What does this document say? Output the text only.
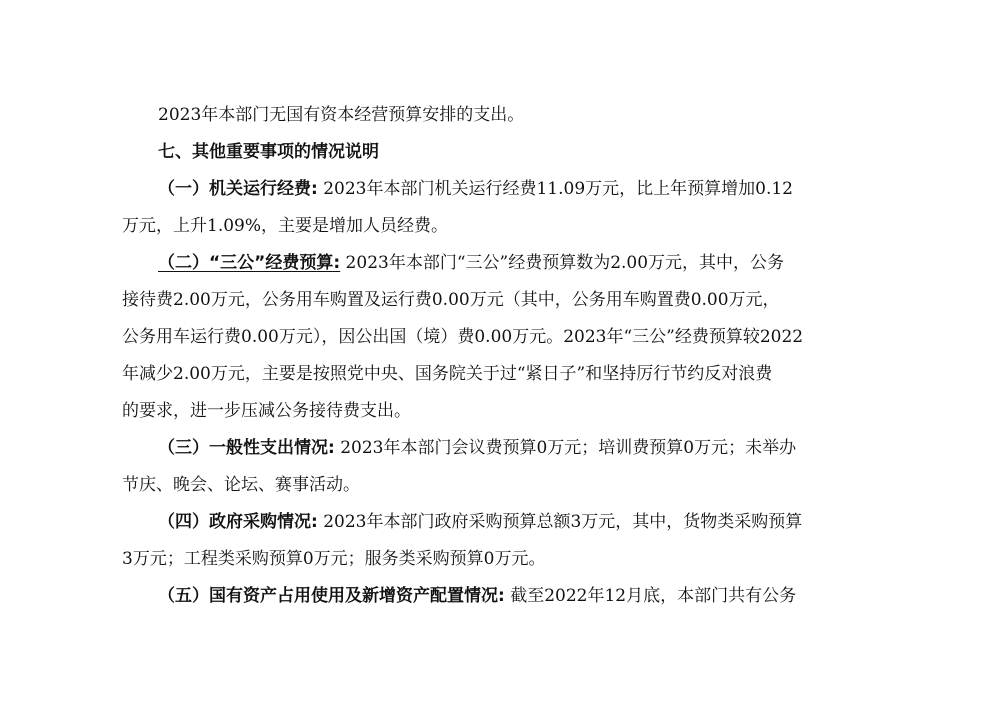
2023年本部门无国有资本经营预算安排的支出。

七、其他重要事项的情况说明

（一）机关运行经费: 2023年本部门机关运行经费11.09万元，比上年预算增加0.12

万元，上升1.09%，主要是增加人员经费。

（二）“三公”经费预算: 2023年本部门“三公”经费预算数为2.00万元，其中，公务

接待费2.00万元，公务用车购置及运行费0.00万元（其中，公务用车购置费0.00万元，

公务用车运行费0.00万元），因公出国（境）费0.00万元。2023年“三公”经费预算较2022

年减少2.00万元，主要是按照党中央、国务院关于过“紧日子”和坚持厉行节约反对浪费

的要求，进一步压减公务接待费支出。

（三）一般性支出情况: 2023年本部门会议费预算0万元；培训费预算0万元；未举办

节庆、晚会、论坛、赛事活动。

（四）政府采购情况: 2023年本部门政府采购预算总额3万元，其中，货物类采购预算

3万元；工程类采购预算0万元；服务类采购预算0万元。

（五）国有资产占用使用及新增资产配置情况: 截至2022年12月底，本部门共有公务
